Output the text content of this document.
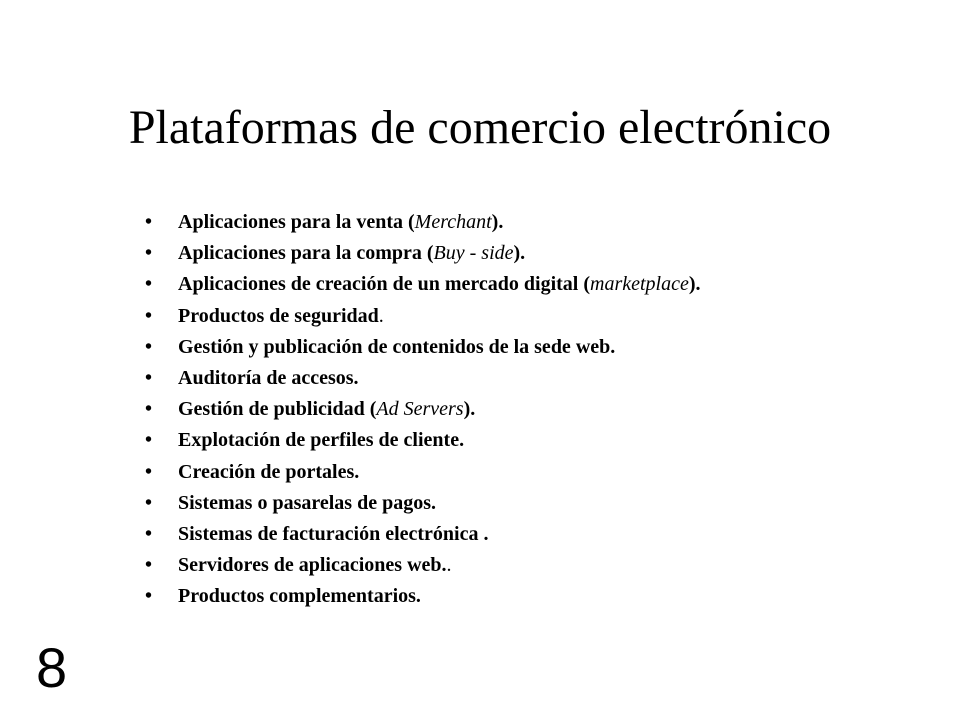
Plataformas de comercio electrónico
• Aplicaciones para la venta (Merchant).
• Aplicaciones para la compra (Buy - side).
• Aplicaciones de creación de un mercado digital (marketplace).
• Productos de seguridad.
• Gestión y publicación de contenidos de la sede web.
• Auditoría de accesos.
• Gestión de publicidad (Ad Servers).
• Explotación de perfiles de cliente.
• Creación de portales.
• Sistemas o pasarelas de pagos.
• Sistemas de facturación electrónica .
• Servidores de aplicaciones web..
• Productos complementarios.
8
